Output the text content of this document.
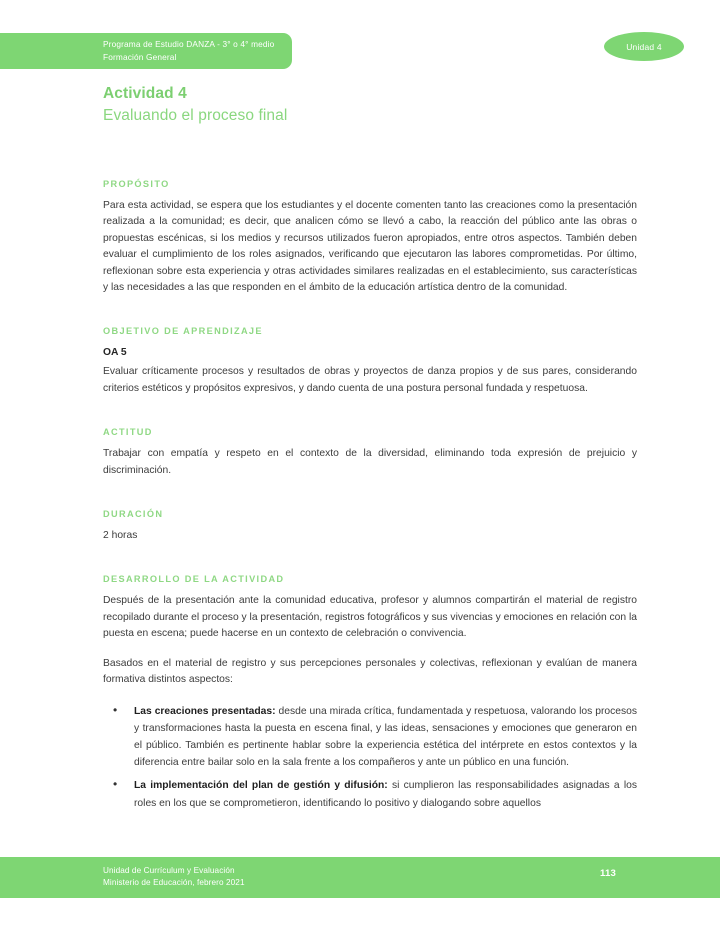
Programa de Estudio DANZA - 3° o 4° medio
Formación General
Unidad 4
Actividad 4
Evaluando el proceso final
PROPÓSITO

Para esta actividad, se espera que los estudiantes y el docente comenten tanto las creaciones como la presentación realizada a la comunidad; es decir, que analicen cómo se llevó a cabo, la reacción del público ante las obras o propuestas escénicas, si los medios y recursos utilizados fueron apropiados, entre otros aspectos. También deben evaluar el cumplimiento de los roles asignados, verificando que ejecutaron las labores comprometidas. Por último, reflexionan sobre esta experiencia y otras actividades similares realizadas en el establecimiento, sus características y las necesidades a las que responden en el ámbito de la educación artística dentro de la comunidad.

OBJETIVO DE APRENDIZAJE
OA 5

Evaluar críticamente procesos y resultados de obras y proyectos de danza propios y de sus pares, considerando criterios estéticos y propósitos expresivos, y dando cuenta de una postura personal fundada y respetuosa.

ACTITUD

Trabajar con empatía y respeto en el contexto de la diversidad, eliminando toda expresión de prejuicio y discriminación.

DURACIÓN

2 horas

DESARROLLO DE LA ACTIVIDAD

Después de la presentación ante la comunidad educativa, profesor y alumnos compartirán el material de registro recopilado durante el proceso y la presentación, registros fotográficos y sus vivencias y emociones en relación con la puesta en escena; puede hacerse en un contexto de celebración o convivencia.

Basados en el material de registro y sus percepciones personales y colectivas, reflexionan y evalúan de manera formativa distintos aspectos:

• Las creaciones presentadas: desde una mirada crítica, fundamentada y respetuosa, valorando los procesos y transformaciones hasta la puesta en escena final, y las ideas, sensaciones y emociones que generaron en el público. También es pertinente hablar sobre la experiencia estética del intérprete en estos contextos y la diferencia entre bailar solo en la sala frente a los compañeros y ante un público en una función.
• La implementación del plan de gestión y difusión: si cumplieron las responsabilidades asignadas a los roles en los que se comprometieron, identificando lo positivo y dialogando sobre aquellos
Unidad de Currículum y Evaluación
Ministerio de Educación, febrero 2021
113
